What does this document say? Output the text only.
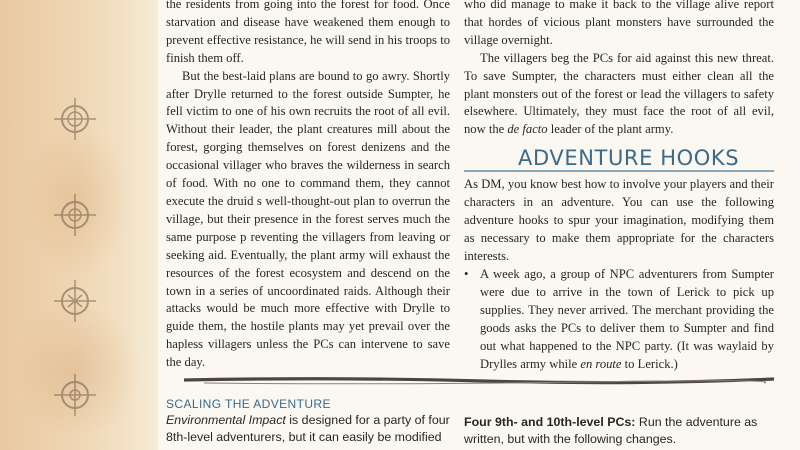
the residents from going into the forest for food. Once starvation and disease have weakened them enough to prevent effective resistance, he will send in his troops to finish them off.

But the best-laid plans are bound to go awry. Shortly after Drylle returned to the forest outside Sumpter, he fell victim to one of his own recruits the root of all evil. Without their leader, the plant creatures mill about the forest, gorging themselves on forest denizens and the occasional villager who braves the wilderness in search of food. With no one to command them, they cannot execute the druid s well-thought-out plan to overrun the village, but their presence in the forest serves much the same purpose p reventing the villagers from leaving or seeking aid. Eventually, the plant army will exhaust the resources of the forest ecosystem and descend on the town in a series of uncoordinated raids. Although their attacks would be much more effective with Drylle to guide them, the hostile plants may yet prevail over the hapless villagers unless the PCs can intervene to save the day.

who did manage to make it back to the village alive report that hordes of vicious plant monsters have surrounded the village overnight.

The villagers beg the PCs for aid against this new threat. To save Sumpter, the characters must either clean all the plant monsters out of the forest or lead the villagers to safety elsewhere. Ultimately, they must face the root of all evil, now the de facto leader of the plant army.

ADVENTURE HOOKS

As DM, you know best how to involve your players and their characters in an adventure. You can use the following adventure hooks to spur your imagination, modifying them as necessary to make them appropriate for the characters interests.

• A week ago, a group of NPC adventurers from Sumpter were due to arrive in the town of Lerick to pick up supplies. They never arrived. The merchant providing the goods asks the PCs to deliver them to Sumpter and find out what happened to the NPC party. (It was waylaid by Drylles army while en route to Lerick.)
SCALING THE ADVENTURE

Environmental Impact is designed for a party of four 8th-level adventurers, but it can easily be modified

Four 9th- and 10th-level PCs: Run the adventure as written, but with the following changes.
